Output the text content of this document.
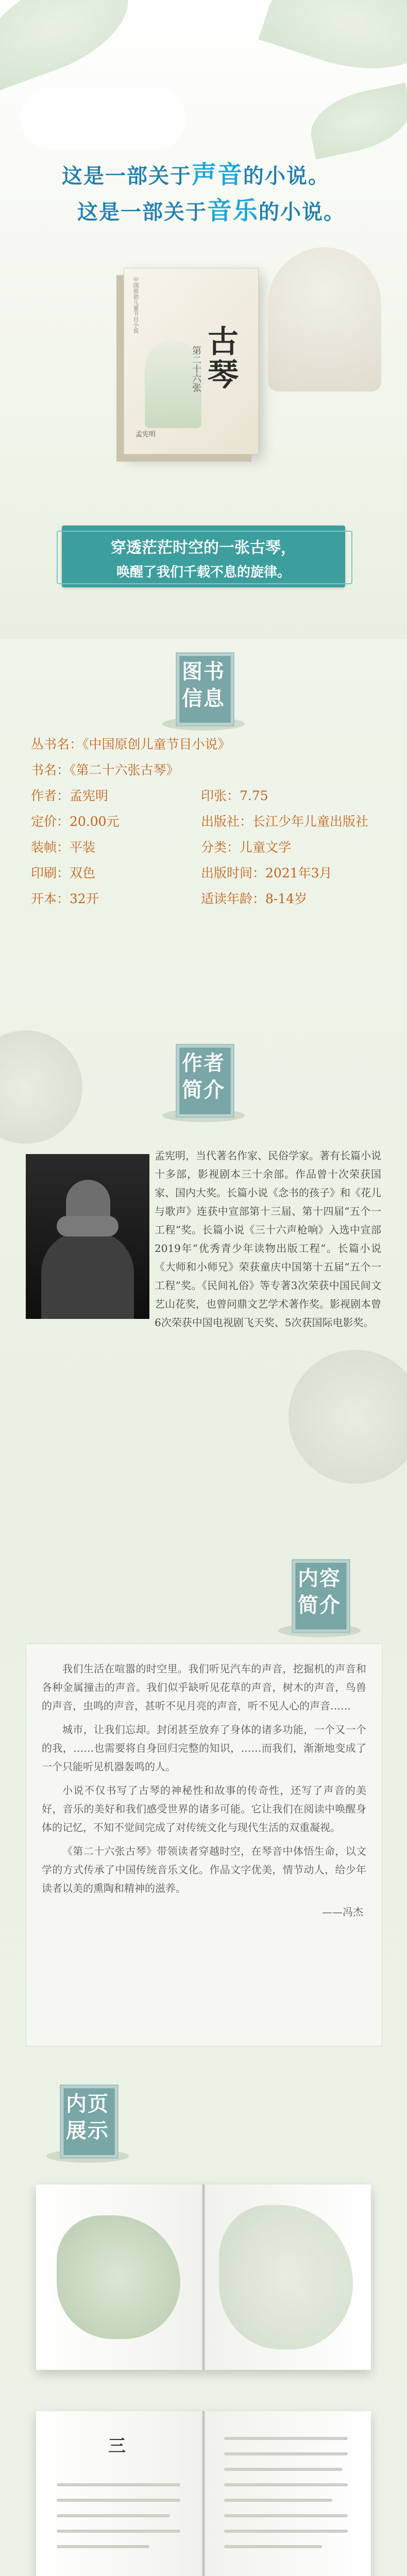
这是一部关于声音的小说。
这是一部关于音乐的小说。
中国原创儿童节目小说
第二十六张 古琴
孟宪明
穿透茫茫时空的一张古琴，
唤醒了我们千载不息的旋律。
图书信息
丛书名：《中国原创儿童节目小说》
书名：《第二十六张古琴》
作者：孟宪明	印张：7.75
定价：20.00元	出版社：长江少年儿童出版社
装帧：平装	分类：儿童文学
印刷：双色	出版时间：2021年3月
开本：32开	适读年龄：8-14岁
作者简介
孟宪明，当代著名作家、民俗学家。著有长篇小说十多部，影视剧本三十余部。作品曾十次荣获国家、国内大奖。长篇小说《念书的孩子》和《花儿与歌声》连获中宣部第十三届、第十四届“五个一工程”奖。长篇小说《三十六声枪响》入选中宣部2019年“优秀青少年读物出版工程”。长篇小说《大师和小师兄》荣获童庆中国第十五届“五个一工程”奖。《民间礼俗》等专著3次荣获中国民间文艺山花奖，也曾问鼎文艺学术著作奖。影视剧本曾6次荣获中国电视剧飞天奖、5次获国际电影奖。
内容简介

我们生活在喧嚣的时空里。我们听见汽车的声音，挖掘机的声音和各种金属撞击的声音。我们似乎缺听见花草的声音，树木的声音，鸟兽的声音，虫鸣的声音，甚听不见月亮的声音，听不见人心的声音……

城市，让我们忘却。封闭甚至放弃了身体的诸多功能，一个又一个的我，……也需要将自身回归完整的知识，……而我们，渐渐地变成了一个只能听见机器轰鸣的人。

小说不仅书写了古琴的神秘性和故事的传奇性，还写了声音的美好，音乐的美好和我们感受世界的诸多可能。它让我们在阅读中唤醒身体的记忆，不知不觉间完成了对传统文化与现代生活的双重凝视。

《第二十六张古琴》带领读者穿越时空，在琴音中体悟生命，以文学的方式传承了中国传统音乐文化。作品文字优美，情节动人，给少年读者以美的熏陶和精神的滋养。

——冯杰

内页展示
三
